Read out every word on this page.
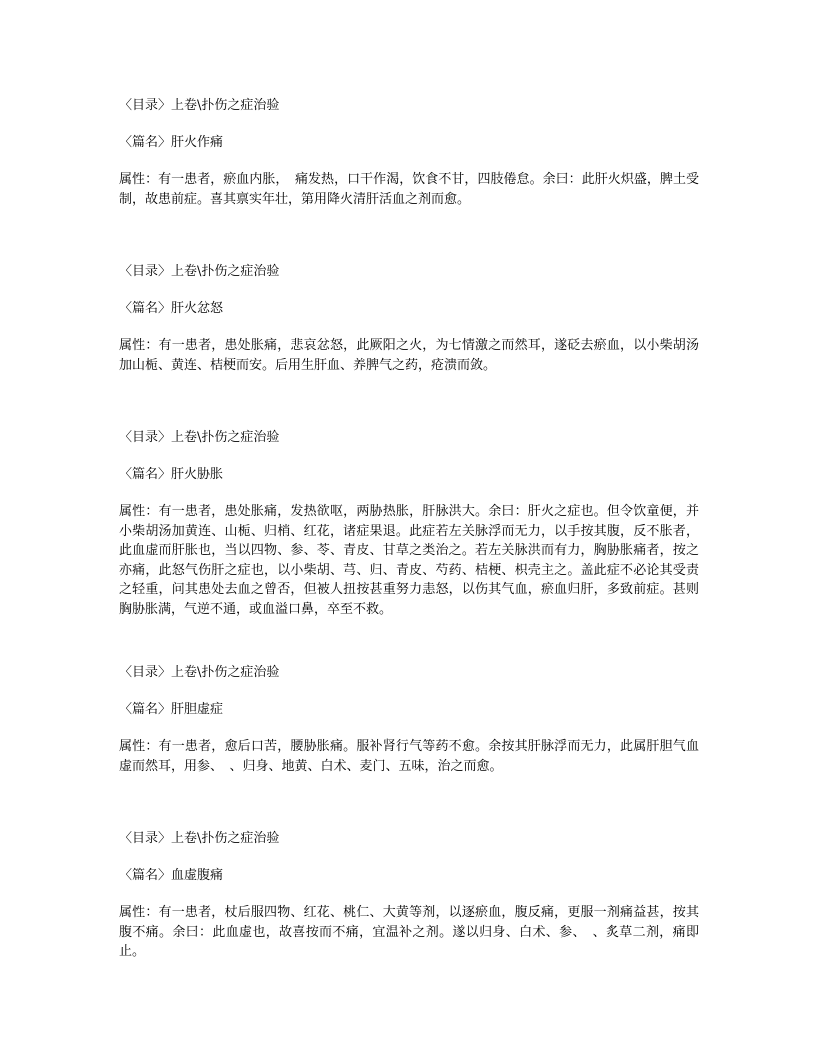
〈目录〉上卷\扑伤之症治验

〈篇名〉肝火作痛

属性：有一患者，瘀血内胀，　痛发热，口干作渴，饮食不甘，四肢倦怠。余曰：此肝火炽盛，脾土受制，故患前症。喜其禀实年壮，第用降火清肝活血之剂而愈。

〈目录〉上卷\扑伤之症治验

〈篇名〉肝火忿怒

属性：有一患者，患处胀痛，悲哀忿怒，此厥阳之火，为七情激之而然耳，遂砭去瘀血，以小柴胡汤加山栀、黄连、桔梗而安。后用生肝血、养脾气之药，疮溃而敛。

〈目录〉上卷\扑伤之症治验

〈篇名〉肝火胁胀

属性：有一患者，患处胀痛，发热欲呕，两胁热胀，肝脉洪大。余曰：肝火之症也。但令饮童便，并小柴胡汤加黄连、山栀、归梢、红花，诸症果退。此症若左关脉浮而无力，以手按其腹，反不胀者，此血虚而肝胀也，当以四物、参、苓、青皮、甘草之类治之。若左关脉洪而有力，胸胁胀痛者，按之亦痛，此怒气伤肝之症也，以小柴胡、芎、归、青皮、芍药、桔梗、枳壳主之。盖此症不必论其受责之轻重，问其患处去血之曾否，但被人扭按甚重努力恚怒，以伤其气血，瘀血归肝，多致前症。甚则胸胁胀满，气逆不通，或血溢口鼻，卒至不救。

〈目录〉上卷\扑伤之症治验

〈篇名〉肝胆虚症

属性：有一患者，愈后口苦，腰胁胀痛。服补肾行气等药不愈。余按其肝脉浮而无力，此属肝胆气血虚而然耳，用参、　、归身、地黄、白术、麦门、五味，治之而愈。

〈目录〉上卷\扑伤之症治验

〈篇名〉血虚腹痛

属性：有一患者，杖后服四物、红花、桃仁、大黄等剂，以逐瘀血，腹反痛，更服一剂痛益甚，按其腹不痛。余曰：此血虚也，故喜按而不痛，宜温补之剂。遂以归身、白术、参、　、炙草二剂，痛即止。
